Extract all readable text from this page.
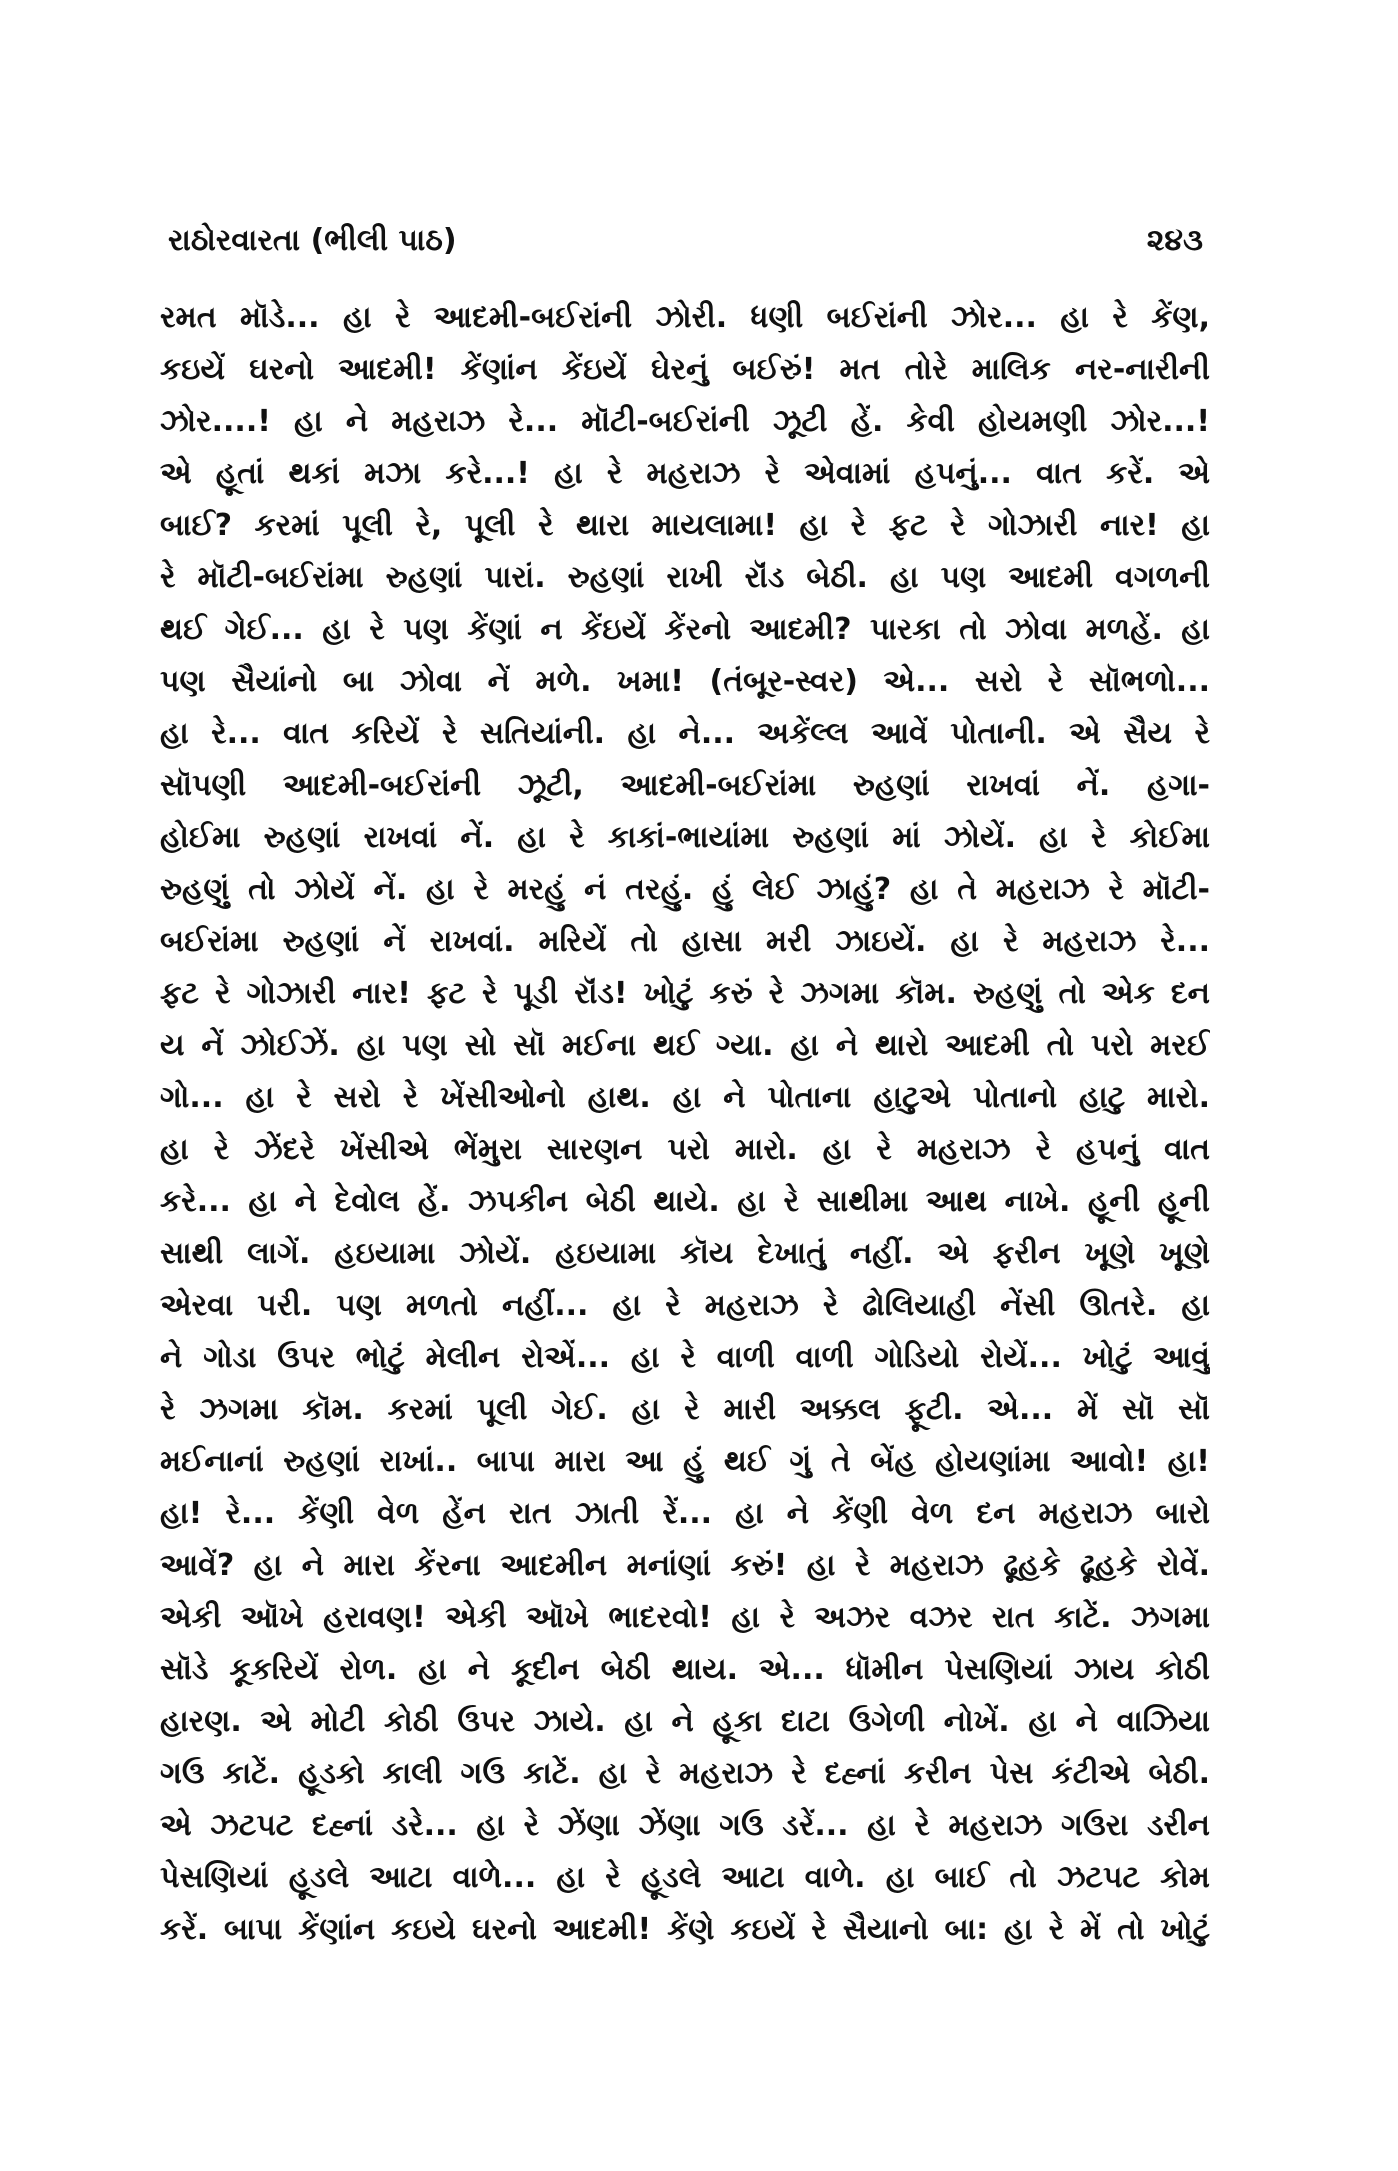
રાઠોરવારતા (ભીલી પાઠ)	૨૪૩
રમત મૉડે... હા રે આદમી-બઈરાંની ઝોરી. ધણી બઈરાંની ઝોર... હા રે કેંણ,
કઇયેં ઘરનો આદમી! કેંણાંન કેંઇયેં ઘેરનું બઈરું! મત તોરે માલિક નર-નારીની
ઝોર....! હા ને મહરાઝ રે... મૉટી-બઈરાંની ઝૂટી હેં. કેવી હોયમણી ઝોર...!
એ હૂતાં થકાં મઝા કરે...! હા રે મહરાઝ રે એવામાં હપનું... વાત કરેં. એ
બાઈ? કરમાં પૂલી રે, પૂલી રે થારા માયલામા! હા રે ફટ રે ગોઝારી નાર! હા
રે મૉટી-બઈરાંમા રુહણાં પારાં. રુહણાં રાખી રૉંડ બેઠી. હા પણ આદમી વગળની
થઈ ગેઈ... હા રે પણ કેંણાં ન કેંઇયેં કેંરનો આદમી? પારકા તો ઝોવા મળહેં. હા
પણ સૈયાંનો બા ઝોવા નેં મળે. ખમા! (તંબૂર-સ્વર) એ... સરો રે સૉભળો...
હા રે... વાત કરિયેં રે સતિયાંની. હા ને... અકેંલ્લ આવેં પોતાની. એ સૈય રે
સૉપણી આદમી-બઈરાંની ઝૂટી, આદમી-બઈરાંમા રુહણાં રાખવાં નેં. હગા-
હોઈમા રુહણાં રાખવાં નેં. હા રે કાકાં-ભાયાંમા રુહણાં માં ઝોયેં. હા રે કોઈમા
રુહણું તો ઝોયેં નેં. હા રે મરહું નં તરહું. હું લેઈ ઝાહું? હા તે મહરાઝ રે મૉટી-
બઈરાંમા રુહણાં નેં રાખવાં. મરિયેં તો હાસા મરી ઝાઇયેં. હા રે મહરાઝ રે...
ફટ રે ગોઝારી નાર! ફટ રે પૂડી રૉંડ! ખોટું કરું રે ઝગમા કૉમ. રુહણું તો એક દન
ય નેં ઝોઈઝેં. હા પણ સો સૉ મઈના થઈ ગ્યા. હા ને થારો આદમી તો પરો મરઈ
ગો... હા રે સરો રે ખેંસીઓનો હાથ. હા ને પોતાના હાટુએ પોતાનો હાટુ મારો.
હા રે ઝેંદરે ખેંસીએ ભેંમુરા સારણન પરો મારો. હા રે મહરાઝ રે હપનું વાત
કરે... હા ને દેવોલ હેં. ઝપકીન બેઠી થાયે. હા રે સાથીમા આથ નાખે. હૂની હૂની
સાથી લાગેં. હઇયામા ઝોયેં. હઇયામા કૉય દેખાતું નહીં. એ ફરીન ખૂણે ખૂણે
એરવા પરી. પણ મળતો નહીં... હા રે મહરાઝ રે ઢોલિયાહી નેંસી ઊતરે. હા
ને ગોડા ઉપર ભોટું મેલીન રોએં... હા રે વાળી વાળી ગોડિયો રોયેં... ખોટું આવું
રે ઝગમા કૉમ. કરમાં પૂલી ગેઈ. હા રે મારી અક્કલ ફૂટી. એ... મેં સૉ સૉ
મઈનાનાં રુહણાં રાખાં.. બાપા મારા આ હું થઈ ગું તે બેંહ હોયણાંમા આવો! હા!
હા! રે... કેંણી વેળ હેંન રાત ઝાતી રેં... હા ને કેંણી વેળ દન મહરાઝ બારો
આવેં? હા ને મારા કેંરના આદમીન મનાંણાં કરું! હા રે મહરાઝ ઢૂહકે ઢૂહકે રોવેં.
એકી ઑખે હરાવણ! એકી ઑખે ભાદરવો! હા રે અઝર વઝર રાત કાટેં. ઝગમા
સૉડે કૂકરિયેં રોળ. હા ને કૂદીન બેઠી થાય. એ... ધૉમીન પેસણિયાં ઝાય કોઠી
હારણ. એ મોટી કોઠી ઉપર ઝાયે. હા ને હૂકા દાટા ઉગેળી નોખેં. હા ને વાઝિયા
ગઉ કાટેં. હૂડકો કાલી ગઉ કાટેં. હા રે મહરાઝ રે દહ્નાં કરીન પેસ કંટીએ બેઠી.
એ ઝટપટ દહ્નાં ડરે... હા રે ઝેંણા ઝેંણા ગઉ ડરેં... હા રે મહરાઝ ગઉરા ડરીન
પેસણિયાં હૂડલે આટા વાળે... હા રે હૂડલે આટા વાળે. હા બાઈ તો ઝટપટ કોમ
કરેં. બાપા કેંણાંન કઇયે ઘરનો આદમી! કેંણે કઇયેં રે સૈયાનો બા: હા રે મેં તો ખોટું
